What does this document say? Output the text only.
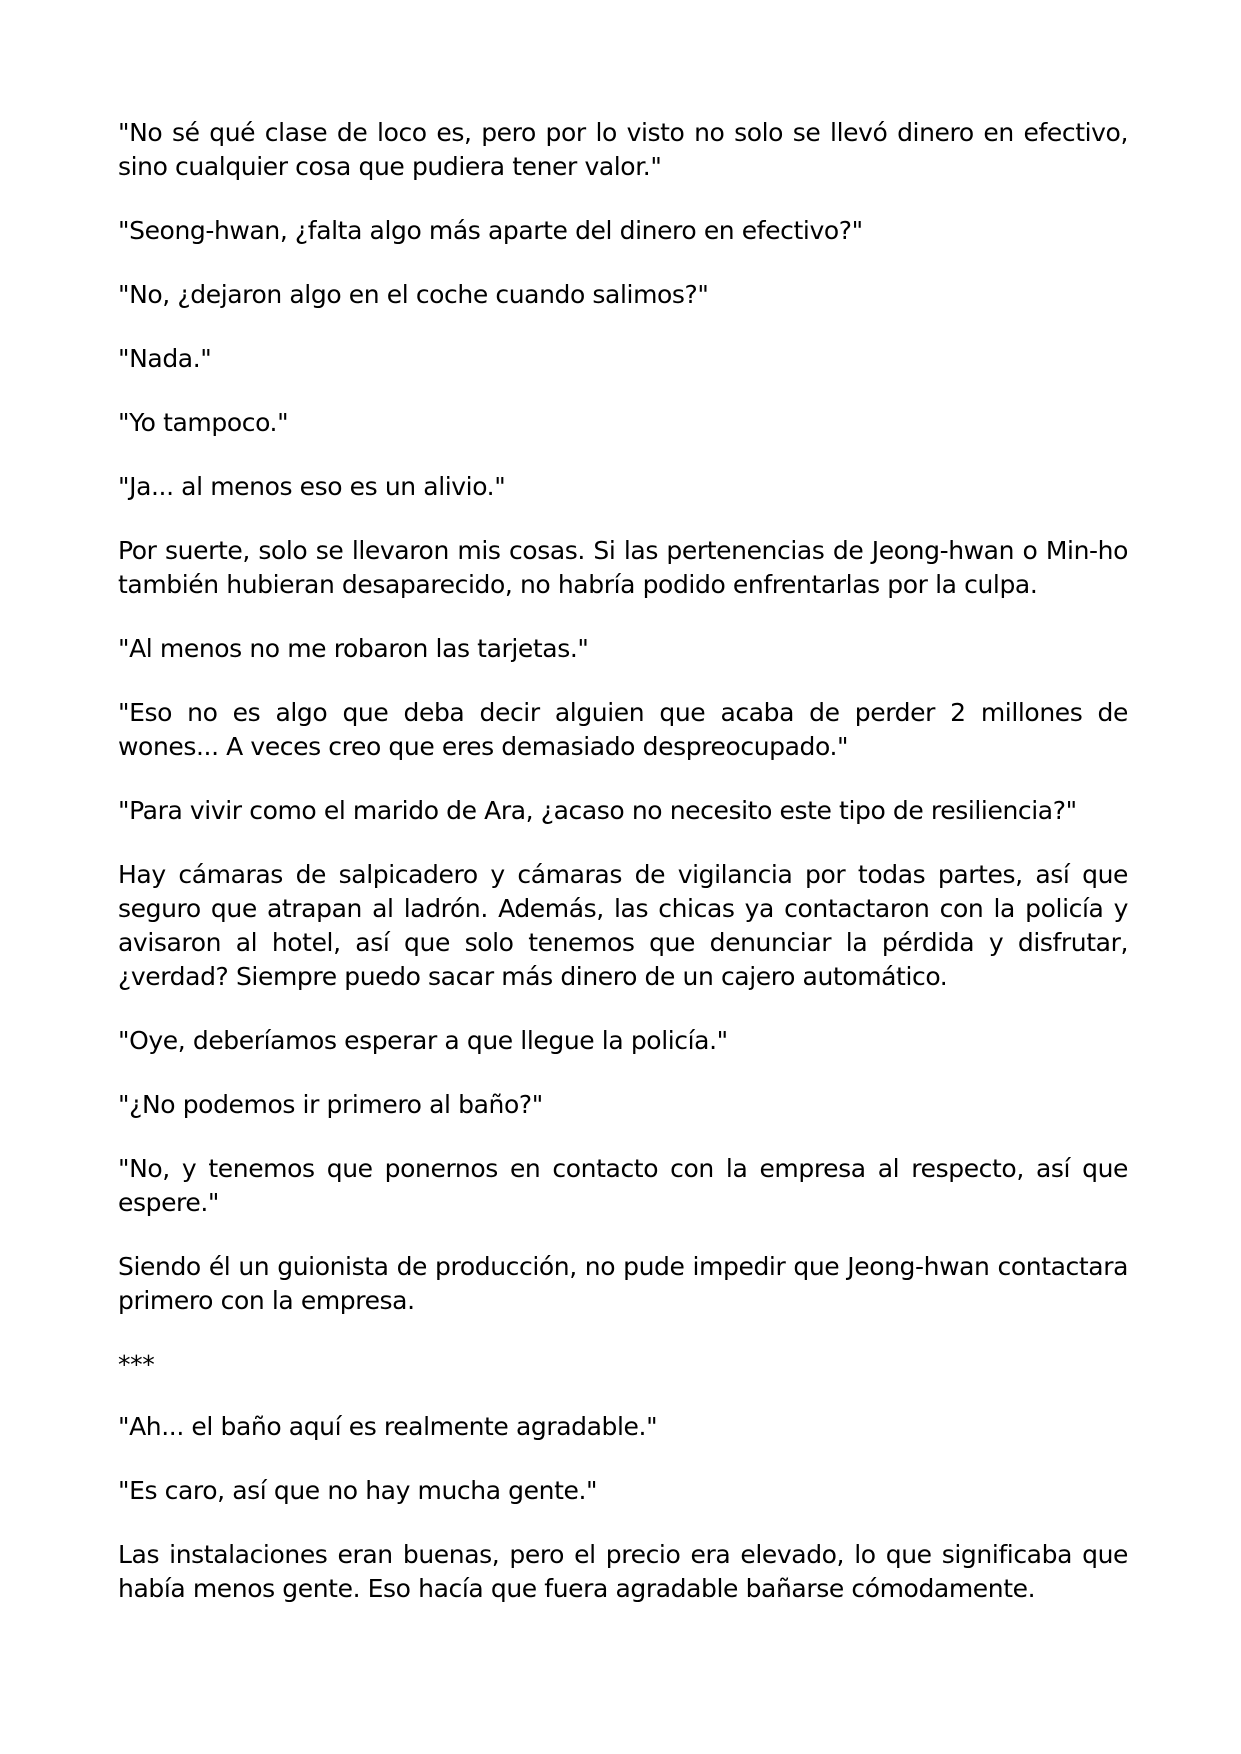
"No sé qué clase de loco es, pero por lo visto no solo se llevó dinero en efectivo, sino cualquier cosa que pudiera tener valor."

"Seong-hwan, ¿falta algo más aparte del dinero en efectivo?"

"No, ¿dejaron algo en el coche cuando salimos?"

"Nada."

"Yo tampoco."

"Ja... al menos eso es un alivio."

Por suerte, solo se llevaron mis cosas. Si las pertenencias de Jeong-hwan o Min-ho también hubieran desaparecido, no habría podido enfrentarlas por la culpa.

"Al menos no me robaron las tarjetas."

"Eso no es algo que deba decir alguien que acaba de perder 2 millones de wones... A veces creo que eres demasiado despreocupado."

"Para vivir como el marido de Ara, ¿acaso no necesito este tipo de resiliencia?"

Hay cámaras de salpicadero y cámaras de vigilancia por todas partes, así que seguro que atrapan al ladrón. Además, las chicas ya contactaron con la policía y avisaron al hotel, así que solo tenemos que denunciar la pérdida y disfrutar, ¿verdad? Siempre puedo sacar más dinero de un cajero automático.

"Oye, deberíamos esperar a que llegue la policía."

"¿No podemos ir primero al baño?"

"No, y tenemos que ponernos en contacto con la empresa al respecto, así que espere."

Siendo él un guionista de producción, no pude impedir que Jeong-hwan contactara primero con la empresa.

***

"Ah... el baño aquí es realmente agradable."

"Es caro, así que no hay mucha gente."

Las instalaciones eran buenas, pero el precio era elevado, lo que significaba que había menos gente. Eso hacía que fuera agradable bañarse cómodamente.
